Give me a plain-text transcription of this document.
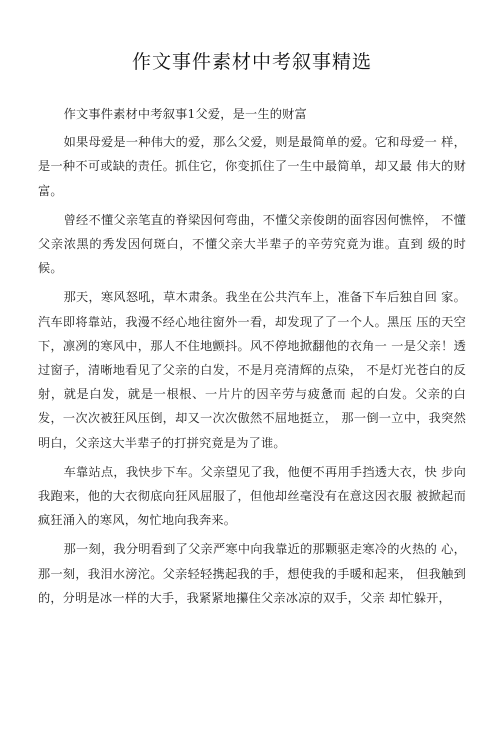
作文事件素材中考叙事精选

作文事件素材中考叙事1父爱，是一生的财富

如果母爱是一种伟大的爱，那么父爱，则是最简单的爱。它和母爱一 样，是一种不可或缺的责任。抓住它，你变抓住了一生中最简单，却又最 伟大的财富。

曾经不懂父亲笔直的脊梁因何弯曲，不懂父亲俊朗的面容因何憔悴， 不懂父亲浓黑的秀发因何斑白，不懂父亲大半辈子的辛劳究竟为谁。直到 级的时候。

那天，寒风怒吼，草木肃条。我坐在公共汽车上，准备下车后独自回 家。汽车即将靠站，我漫不经心地往窗外一看，却发现了了一个人。黑压 压的天空下，凛冽的寒风中，那人不住地颤抖。风不停地掀翻他的衣角一 一是父亲！透过窗子，清晰地看见了父亲的白发，不是月亮清辉的点染， 不是灯光苍白的反射，就是白发，就是一根根、一片片的因辛劳与疲惫而 起的白发。父亲的白发，一次次被狂风压倒，却又一次次傲然不屈地挺立， 那一倒一立中，我突然明白，父亲这大半辈子的打拼究竟是为了谁。

车靠站点，我快步下车。父亲望见了我，他便不再用手挡透大衣，快 步向我跑来，他的大衣彻底向狂风屈服了，但他却丝毫没有在意这因衣服 被掀起而疯狂涌入的寒风，匆忙地向我奔来。

那一刻，我分明看到了父亲严寒中向我靠近的那颗驱走寒冷的火热的 心，那一刻，我泪水滂沱。父亲轻轻携起我的手，想使我的手暖和起来， 但我触到的，分明是冰一样的大手，我紧紧地攥住父亲冰凉的双手，父亲 却忙躲开，
